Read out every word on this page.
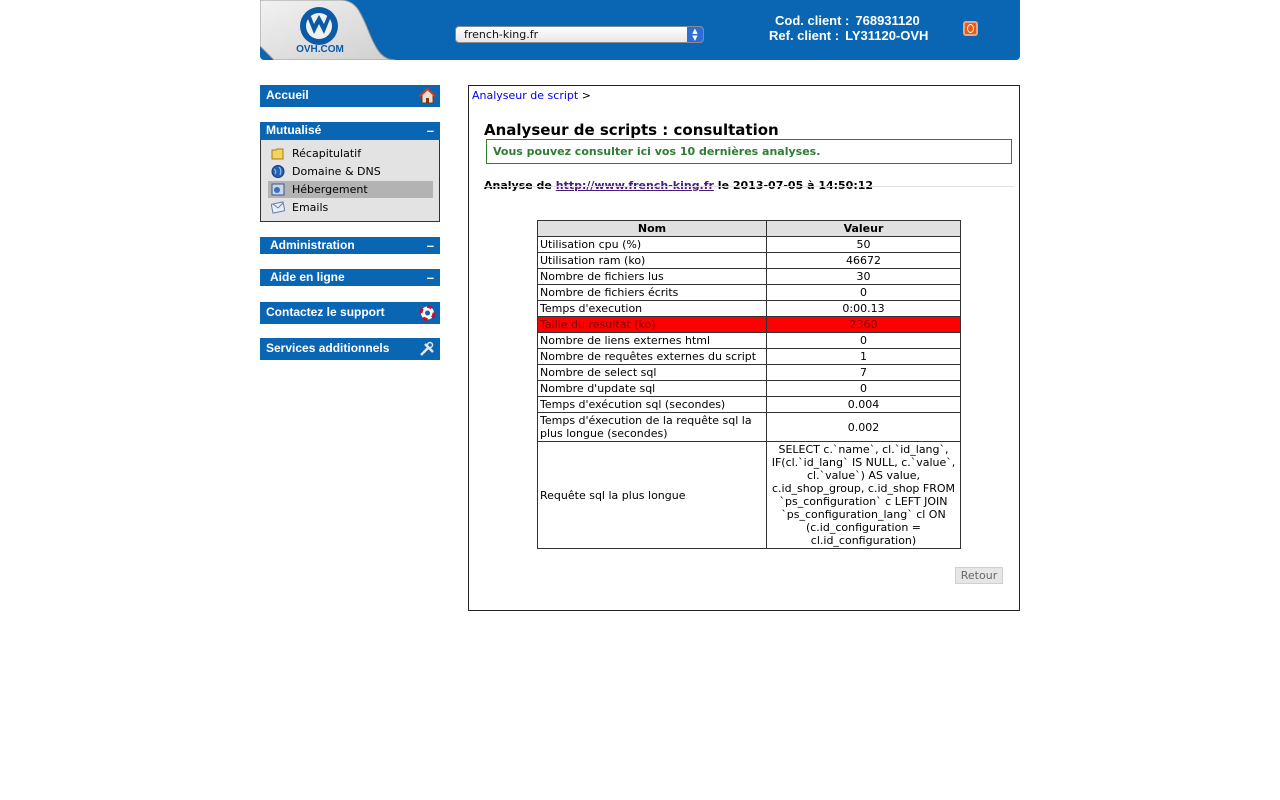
OVH.COM
french-king.fr	▲
▼
Cod. client : 768931120
Ref. client : LY31120-OVH
Accueil
Mutualisé	–
Récapitulatif
Domaine & DNS
Hébergement
Emails
Administration	–
Aide en ligne	–
Contactez le support
Services additionnels
Analyseur de script >
Analyseur de scripts : consultation
Vous pouvez consulter ici vos 10 dernières analyses.
Analyse de http://www.french-king.fr le 2013-07-05 à 14:50:12
Nom	Valeur
Utilisation cpu (%)	50
Utilisation ram (ko)	46672
Nombre de fichiers lus	30
Nombre de fichiers écrits	0
Temps d'execution	0:00.13
Taille du resultat (ko)	2360
Nombre de liens externes html	0
Nombre de requêtes externes du script	1
Nombre de select sql	7
Nombre d'update sql	0
Temps d'exécution sql (secondes)	0.004
Temps d'éxecution de la requête sql la plus longue (secondes)	0.002
Requête sql la plus longue	SELECT c.`name`, cl.`id_lang`, IF(cl.`id_lang` IS NULL, c.`value`, cl.`value`) AS value, c.id_shop_group, c.id_shop FROM `ps_configuration` c LEFT JOIN `ps_configuration_lang` cl ON (c.id_configuration = cl.id_configuration)
Retour
